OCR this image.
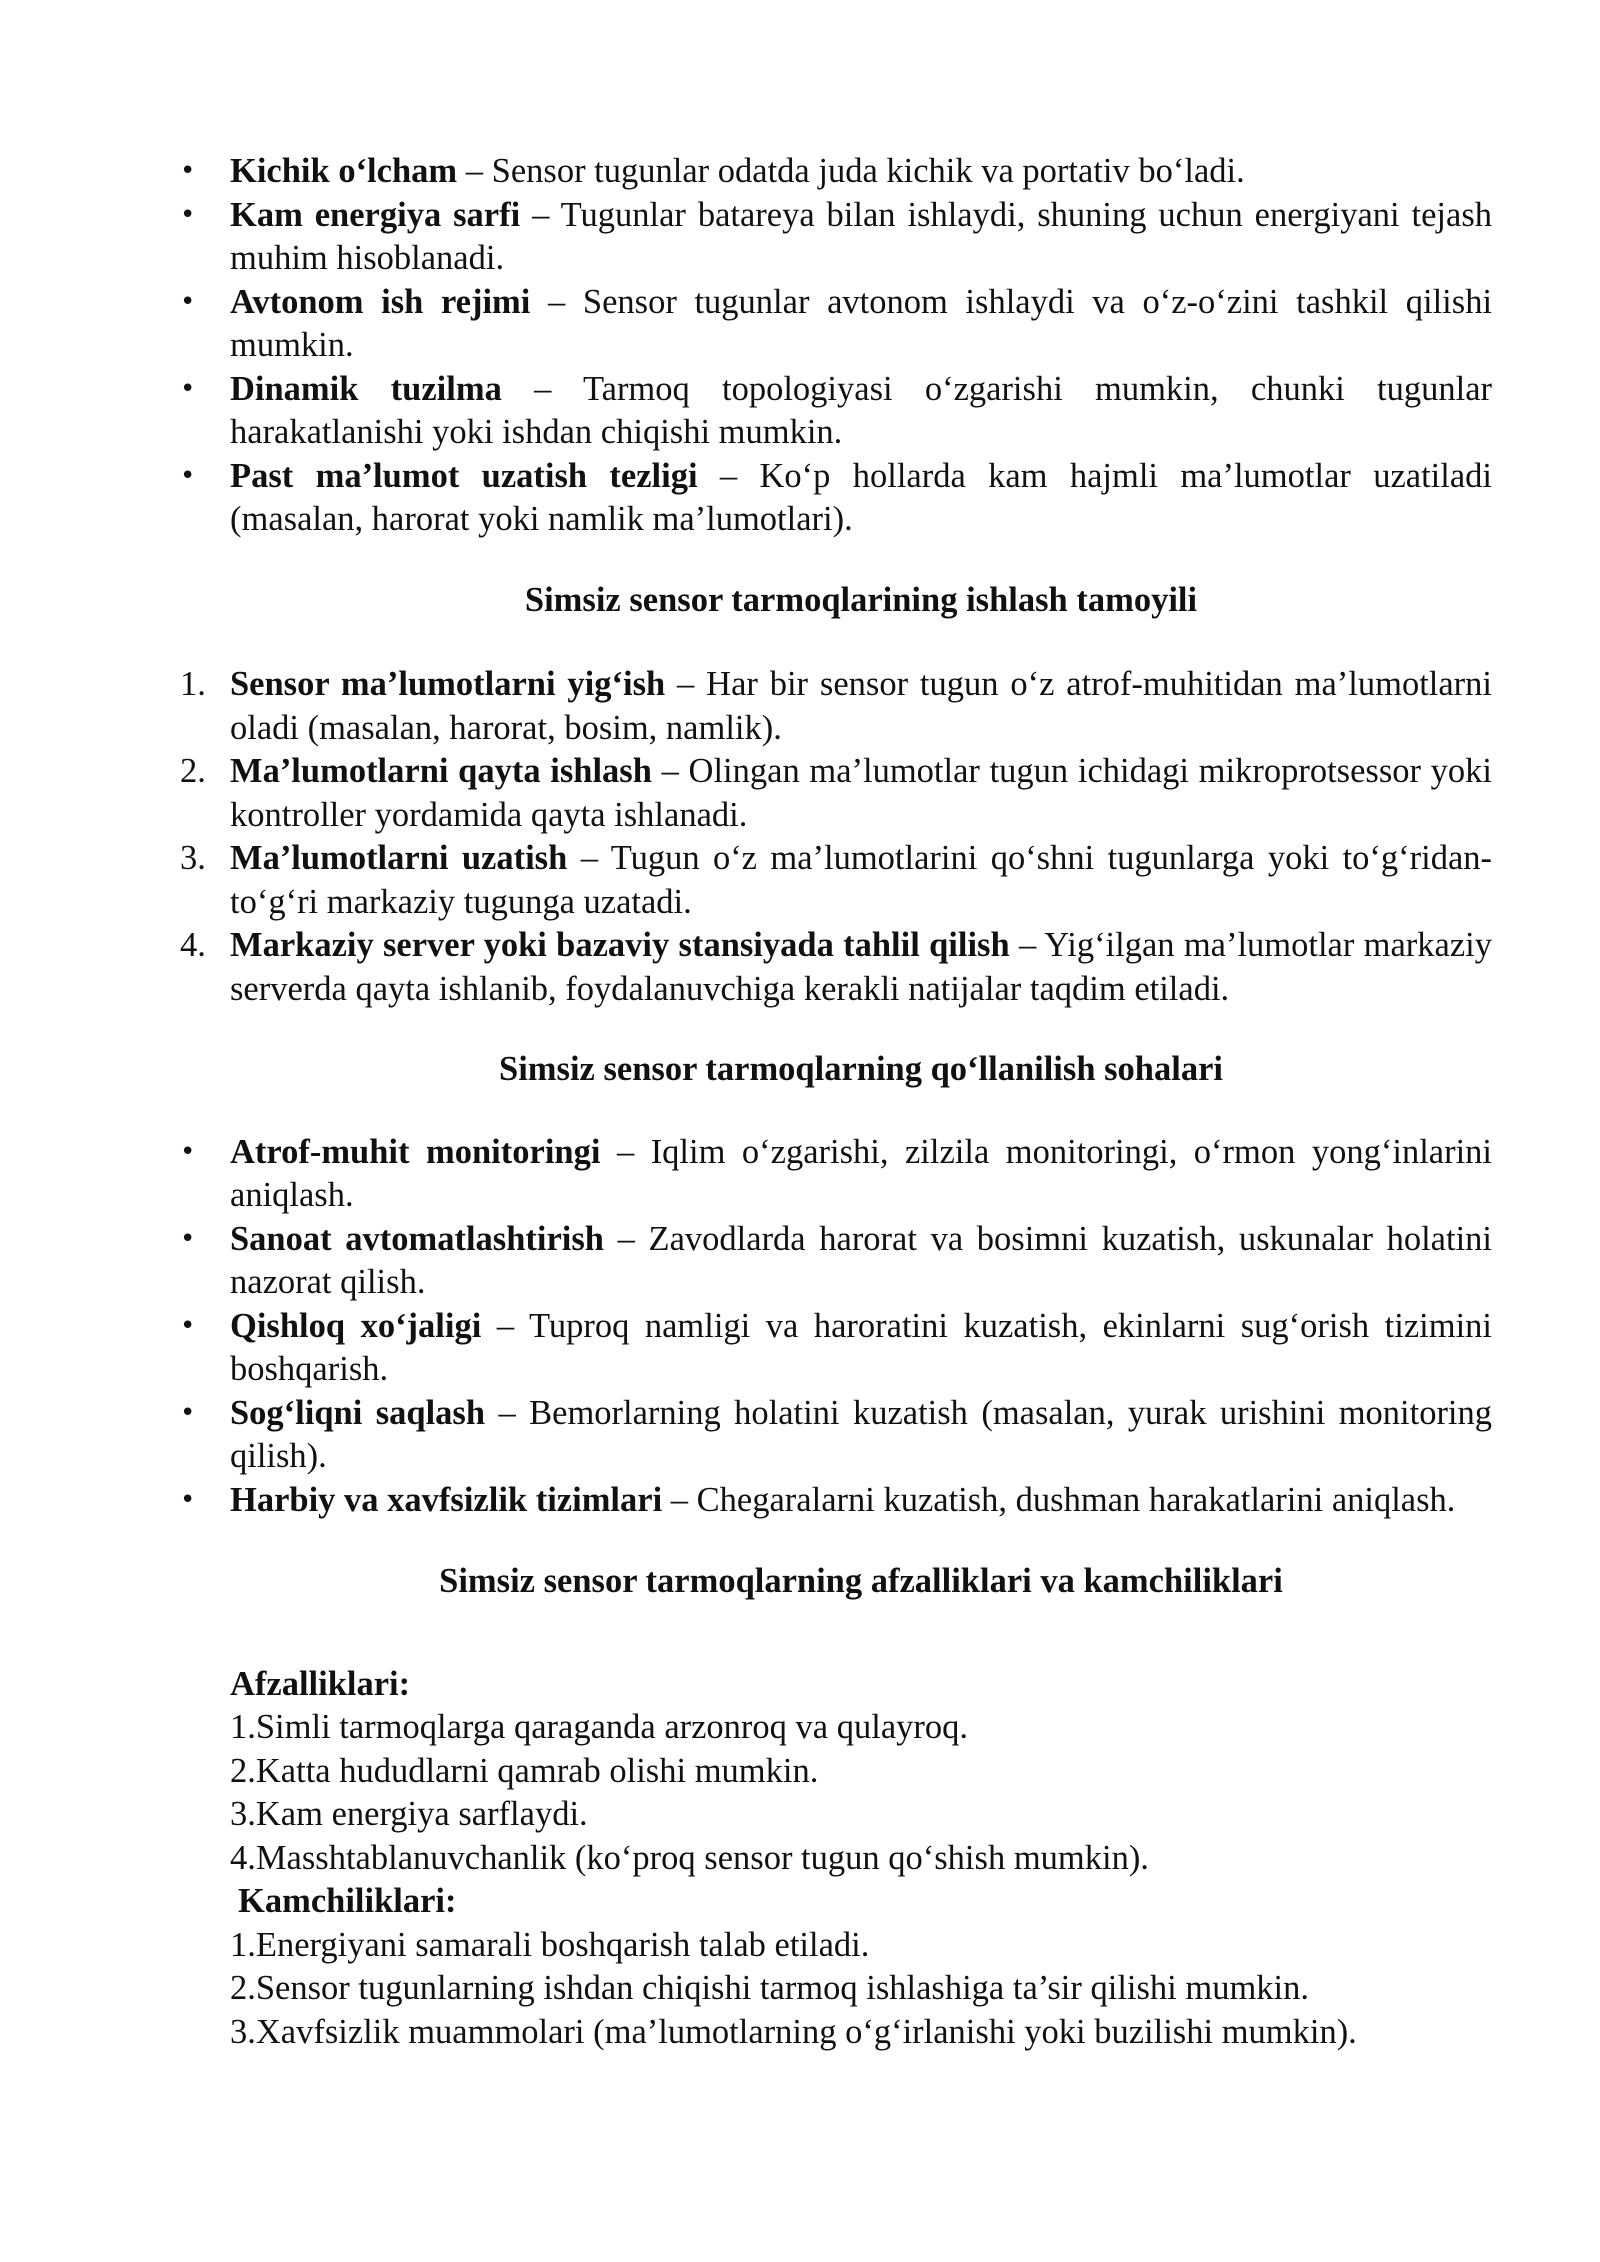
• Kichik o‘lcham – Sensor tugunlar odatda juda kichik va portativ bo‘ladi.
• Kam energiya sarfi – Tugunlar batareya bilan ishlaydi, shuning uchun energiyani tejash muhim hisoblanadi.
• Avtonom ish rejimi – Sensor tugunlar avtonom ishlaydi va o‘z-o‘zini tashkil qilishi mumkin.
• Dinamik tuzilma – Tarmoq topologiyasi o‘zgarishi mumkin, chunki tugunlar harakatlanishi yoki ishdan chiqishi mumkin.
• Past ma’lumot uzatish tezligi – Ko‘p hollarda kam hajmli ma’lumotlar uzatiladi (masalan, harorat yoki namlik ma’lumotlari).
Simsiz sensor tarmoqlarining ishlash tamoyili
1. Sensor ma’lumotlarni yig‘ish – Har bir sensor tugun o‘z atrof-muhitidan ma’lumotlarni oladi (masalan, harorat, bosim, namlik).
2. Ma’lumotlarni qayta ishlash – Olingan ma’lumotlar tugun ichidagi mikroprotsessor yoki kontroller yordamida qayta ishlanadi.
3. Ma’lumotlarni uzatish – Tugun o‘z ma’lumotlarini qo‘shni tugunlarga yoki to‘g‘ridan-to‘g‘ri markaziy tugunga uzatadi.
4. Markaziy server yoki bazaviy stansiyada tahlil qilish – Yig‘ilgan ma’lumotlar markaziy serverda qayta ishlanib, foydalanuvchiga kerakli natijalar taqdim etiladi.
Simsiz sensor tarmoqlarning qo‘llanilish sohalari
• Atrof-muhit monitoringi – Iqlim o‘zgarishi, zilzila monitoringi, o‘rmon yong‘inlarini aniqlash.
• Sanoat avtomatlashtirish – Zavodlarda harorat va bosimni kuzatish, uskunalar holatini nazorat qilish.
• Qishloq xo‘jaligi – Tuproq namligi va haroratini kuzatish, ekinlarni sug‘orish tizimini boshqarish.
• Sog‘liqni saqlash – Bemorlarning holatini kuzatish (masalan, yurak urishini monitoring qilish).
• Harbiy va xavfsizlik tizimlari – Chegaralarni kuzatish, dushman harakatlarini aniqlash.
Simsiz sensor tarmoqlarning afzalliklari va kamchiliklari
Afzalliklari:
1.Simli tarmoqlarga qaraganda arzonroq va qulayroq.
2.Katta hududlarni qamrab olishi mumkin.
3.Kam energiya sarflaydi.
4.Masshtablanuvchanlik (ko‘proq sensor tugun qo‘shish mumkin).
Kamchiliklari:
1.Energiyani samarali boshqarish talab etiladi.
2.Sensor tugunlarning ishdan chiqishi tarmoq ishlashiga ta’sir qilishi mumkin.
3.Xavfsizlik muammolari (ma’lumotlarning o‘g‘irlanishi yoki buzilishi mumkin).
